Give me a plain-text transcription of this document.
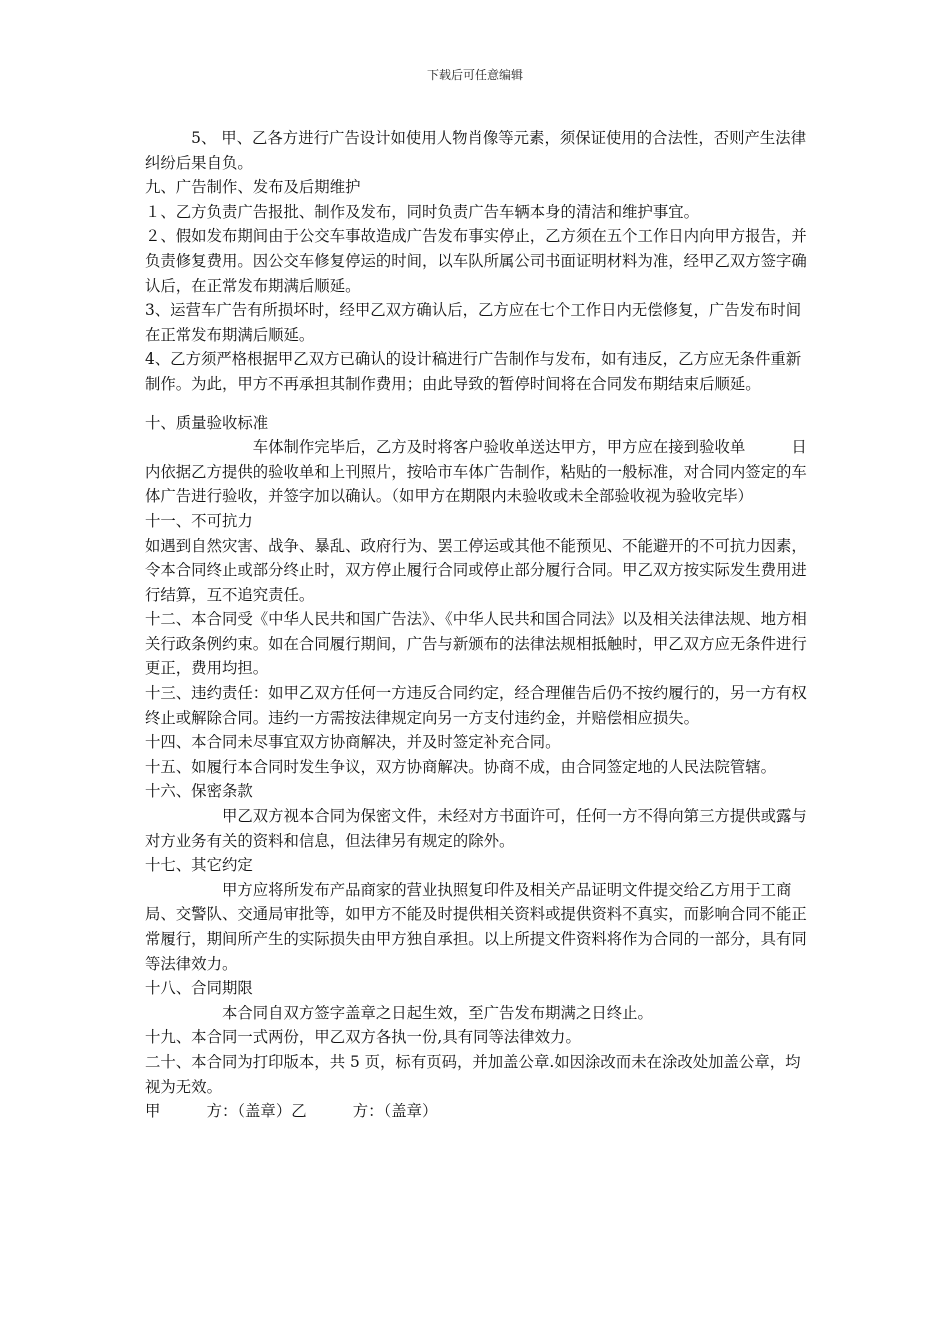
下载后可任意编辑

　　　5、 甲、乙各方进行广告设计如使用人物肖像等元素，须保证使用的合法性，否则产生法律纠纷后果自负。

九、广告制作、发布及后期维护

１、乙方负责广告报批、制作及发布，同时负责广告车辆本身的清洁和维护事宜。

２、假如发布期间由于公交车事故造成广告发布事实停止，乙方须在五个工作日内向甲方报告，并负责修复费用。因公交车修复停运的时间，以车队所属公司书面证明材料为准，经甲乙双方签字确认后，在正常发布期满后顺延。

3、运营车广告有所损坏时，经甲乙双方确认后，乙方应在七个工作日内无偿修复，广告发布时间在正常发布期满后顺延。

4、乙方须严格根据甲乙双方已确认的设计稿进行广告制作与发布，如有违反，乙方应无条件重新制作。为此，甲方不再承担其制作费用；由此导致的暂停时间将在合同发布期结束后顺延。

十、质量验收标准

　　　　　　　车体制作完毕后，乙方及时将客户验收单送达甲方，甲方应在接到验收单　　　日内依据乙方提供的验收单和上刊照片，按哈市车体广告制作，粘贴的一般标准，对合同内签定的车体广告进行验收，并签字加以确认。（如甲方在期限内未验收或未全部验收视为验收完毕）

十一、不可抗力

如遇到自然灾害、战争、暴乱、政府行为、罢工停运或其他不能预见、不能避开的不可抗力因素，令本合同终止或部分终止时，双方停止履行合同或停止部分履行合同。甲乙双方按实际发生费用进行结算，互不追究责任。

十二、本合同受《中华人民共和国广告法》、《中华人民共和国合同法》以及相关法律法规、地方相关行政条例约束。如在合同履行期间，广告与新颁布的法律法规相抵触时，甲乙双方应无条件进行更正，费用均担。

十三、违约责任：如甲乙双方任何一方违反合同约定，经合理催告后仍不按约履行的，另一方有权终止或解除合同。违约一方需按法律规定向另一方支付违约金，并赔偿相应损失。

十四、本合同未尽事宜双方协商解决，并及时签定补充合同。

十五、如履行本合同时发生争议，双方协商解决。协商不成，由合同签定地的人民法院管辖。

十六、保密条款

　　　　　甲乙双方视本合同为保密文件，未经对方书面许可，任何一方不得向第三方提供或露与对方业务有关的资料和信息，但法律另有规定的除外。

十七、其它约定

　　　　　甲方应将所发布产品商家的营业执照复印件及相关产品证明文件提交给乙方用于工商局、交警队、交通局审批等，如甲方不能及时提供相关资料或提供资料不真实，而影响合同不能正常履行，期间所产生的实际损失由甲方独自承担。以上所提文件资料将作为合同的一部分，具有同等法律效力。

十八、合同期限

　　　　　本合同自双方签字盖章之日起生效，至广告发布期满之日终止。

十九、本合同一式两份，甲乙双方各执一份,具有同等法律效力。

二十、本合同为打印版本，共 5 页，标有页码，并加盖公章.如因涂改而未在涂改处加盖公章，均视为无效。

甲　　　方：（盖章）乙　　　方：（盖章）
